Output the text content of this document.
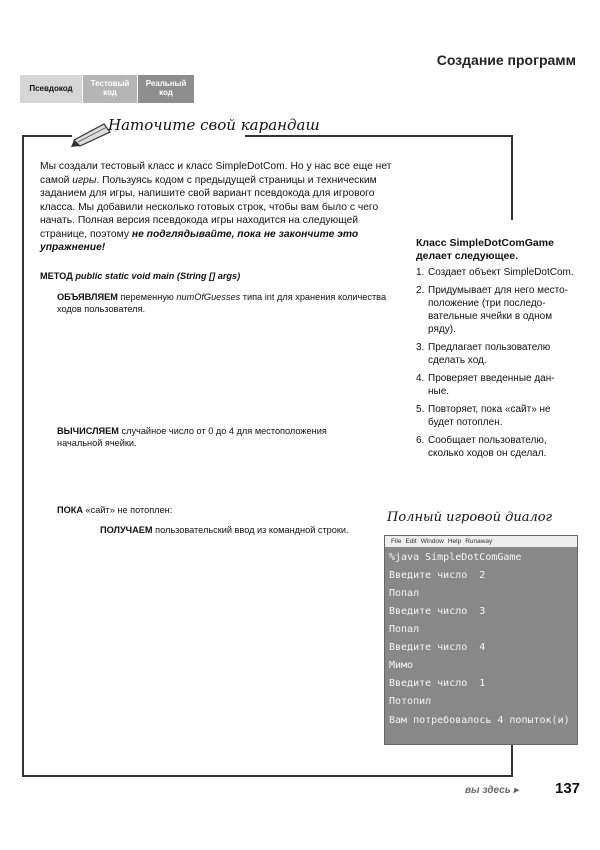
Создание программ
Псевдокод
Тестовый код
Реальный код
Наточите свой карандаш
Мы создали тестовый класс и класс SimpleDotCom. Но у нас все еще нет самой игры. Пользуясь кодом с предыдущей страницы и техническим заданием для игры, напишите свой вариант псевдокода для игрового класса. Мы добавили несколько готовых строк, чтобы вам было с чего начать. Полная версия псевдокода игры находится на следующей странице, поэтому не подглядывайте, пока не закончите это упражнение!
МЕТОД public static void main (String [] args)
ОБЪЯВЛЯЕМ переменную numOfGuesses типа int для хранения количества ходов пользователя.
ВЫЧИСЛЯЕМ случайное число от 0 до 4 для местоположения начальной ячейки.
ПОКА «сайт» не потоплен:
ПОЛУЧАЕМ пользовательский ввод из командной строки.
Класс SimpleDotComGame делает следующее.
1. Создает объект SimpleDotCom.
2. Придумывает для него место-положение (три последо-вательные ячейки в одном ряду).
3. Предлагает пользователю сделать ход.
4. Проверяет введенные дан-ные.
5. Повторяет, пока «сайт» не будет потоплен.
6. Сообщает пользователю, сколько ходов он сделал.
Полный игровой диалог
File Edit Window Help Runaway
%java SimpleDotComGame
Введите число  2
Попал
Введите число  3
Попал
Введите число  4
Мимо
Введите число  1
Потопил
Вам потребовалось 4 попыток(и)
вы здесь ▸ 137
